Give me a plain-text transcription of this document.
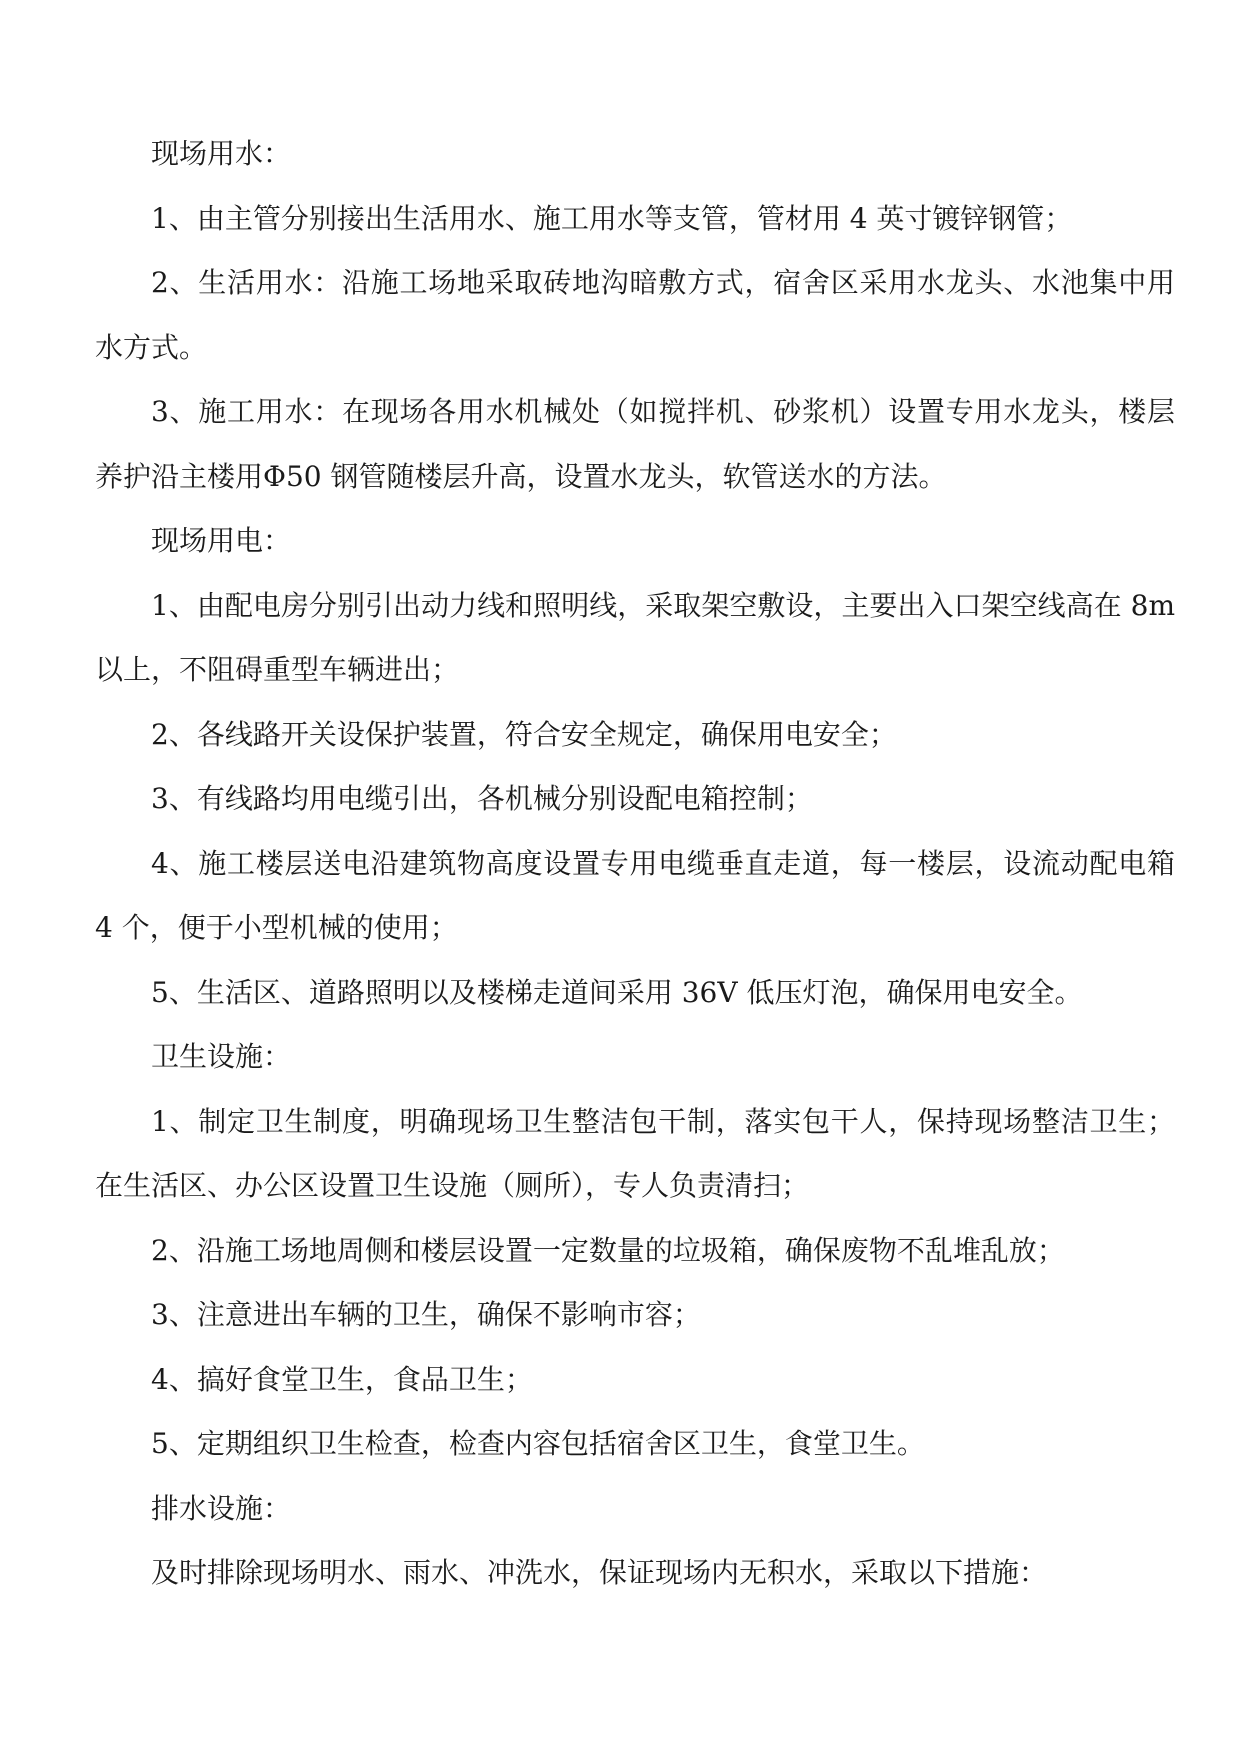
现场用水：

1、由主管分别接出生活用水、施工用水等支管，管材用 4 英寸镀锌钢管；

2、生活用水：沿施工场地采取砖地沟暗敷方式，宿舍区采用水龙头、水池集中用水方式。

3、施工用水：在现场各用水机械处（如搅拌机、砂浆机）设置专用水龙头，楼层养护沿主楼用Φ50 钢管随楼层升高，设置水龙头，软管送水的方法。

现场用电：

1、由配电房分别引出动力线和照明线，采取架空敷设，主要出入口架空线高在 8m 以上，不阻碍重型车辆进出；

2、各线路开关设保护装置，符合安全规定，确保用电安全；

3、有线路均用电缆引出，各机械分别设配电箱控制；

4、施工楼层送电沿建筑物高度设置专用电缆垂直走道，每一楼层，设流动配电箱 4 个，便于小型机械的使用；

5、生活区、道路照明以及楼梯走道间采用 36V 低压灯泡，确保用电安全。

卫生设施：

1、制定卫生制度，明确现场卫生整洁包干制，落实包干人，保持现场整洁卫生；在生活区、办公区设置卫生设施（厕所），专人负责清扫；

2、沿施工场地周侧和楼层设置一定数量的垃圾箱，确保废物不乱堆乱放；

3、注意进出车辆的卫生，确保不影响市容；

4、搞好食堂卫生，食品卫生；

5、定期组织卫生检查，检查内容包括宿舍区卫生，食堂卫生。

排水设施：

及时排除现场明水、雨水、冲洗水，保证现场内无积水，采取以下措施：
